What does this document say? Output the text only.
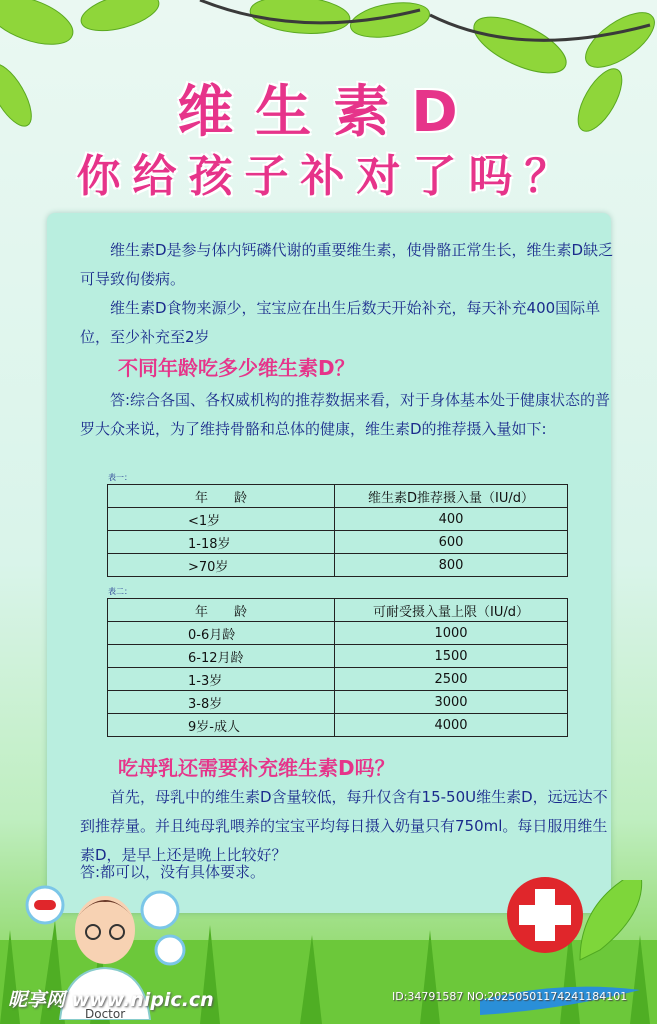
维生素D
你给孩子补对了吗？
　　维生素D是参与体内钙磷代谢的重要维生素，使骨骼正常生长，维生素D缺乏可导致佝偻病。
　　维生素D食物来源少，宝宝应在出生后数天开始补充，每天补充400国际单位，至少补充至2岁
不同年龄吃多少维生素D？
　　答:综合各国、各权威机构的推荐数据来看，对于身体基本处于健康状态的普罗大众来说，为了维持骨骼和总体的健康，维生素D的推荐摄入量如下:
表一：
年　　龄	维生素D推荐摄入量（IU/d）
<1岁	400
1-18岁	600
>70岁	800
表二：
年　　龄	可耐受摄入量上限（IU/d）
0-6月龄	1000
6-12月龄	1500
1-3岁	2500
3-8岁	3000
9岁-成人	4000
吃母乳还需要补充维生素D吗？
　　首先，母乳中的维生素D含量较低，每升仅含有15-50U维生素D，远远达不到推荐量。并且纯母乳喂养的宝宝平均每日摄入奶量只有750ml。每日服用维生素D，是早上还是晚上比较好？
答:都可以，没有具体要求。
Doctor
昵享网 www.nipic.cn	ID:34791587 NO:20250501174241184101
